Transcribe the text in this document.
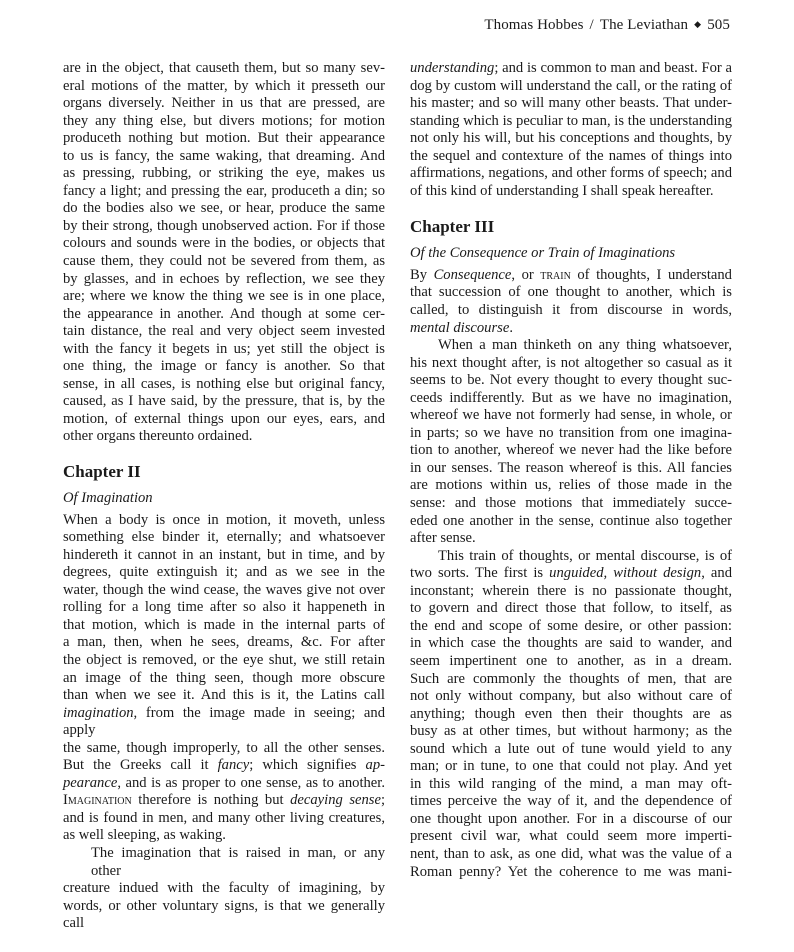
Thomas Hobbes / The Leviathan ◆ 505

are in the object, that causeth them, but so many sev-
eral motions of the matter, by which it presseth our
organs diversely. Neither in us that are pressed, are
they any thing else, but divers motions; for motion
produceth nothing but motion. But their appearance
to us is fancy, the same waking, that dreaming. And
as pressing, rubbing, or striking the eye, makes us
fancy a light; and pressing the ear, produceth a din; so
do the bodies also we see, or hear, produce the same
by their strong, though unobserved action. For if those
colours and sounds were in the bodies, or objects that
cause them, they could not be severed from them, as
by glasses, and in echoes by reflection, we see they
are; where we know the thing we see is in one place,
the appearance in another. And though at some cer-
tain distance, the real and very object seem invested
with the fancy it begets in us; yet still the object is
one thing, the image or fancy is another. So that
sense, in all cases, is nothing else but original fancy,
caused, as I have said, by the pressure, that is, by the
motion, of external things upon our eyes, ears, and
other organs thereunto ordained.

Chapter II
Of Imagination

When a body is once in motion, it moveth, unless
something else binder it, eternally; and whatsoever
hindereth it cannot in an instant, but in time, and by
degrees, quite extinguish it; and as we see in the
water, though the wind cease, the waves give not over
rolling for a long time after so also it happeneth in
that motion, which is made in the internal parts of
a man, then, when he sees, dreams, &c. For after
the object is removed, or the eye shut, we still retain
an image of the thing seen, though more obscure
than when we see it. And this is it, the Latins call
imagination, from the image made in seeing; and apply
the same, though improperly, to all the other senses.
But the Greeks call it fancy; which signifies ap-
pearance, and is as proper to one sense, as to another.
Imagination therefore is nothing but decaying sense;
and is found in men, and many other living creatures,
as well sleeping, as waking.

The imagination that is raised in man, or any other
creature indued with the faculty of imagining, by
words, or other voluntary signs, is that we generally call

understanding; and is common to man and beast. For a
dog by custom will understand the call, or the rating of
his master; and so will many other beasts. That under-
standing which is peculiar to man, is the understanding
not only his will, but his conceptions and thoughts, by
the sequel and contexture of the names of things into
affirmations, negations, and other forms of speech; and
of this kind of understanding I shall speak hereafter.

Chapter III
Of the Consequence or Train of Imaginations

By Consequence, or train of thoughts, I understand
that succession of one thought to another, which is
called, to distinguish it from discourse in words,
mental discourse.

When a man thinketh on any thing whatsoever,
his next thought after, is not altogether so casual as it
seems to be. Not every thought to every thought suc-
ceeds indifferently. But as we have no imagination,
whereof we have not formerly had sense, in whole, or
in parts; so we have no transition from one imagina-
tion to another, whereof we never had the like before
in our senses. The reason whereof is this. All fancies
are motions within us, relies of those made in the
sense: and those motions that immediately succe-
eded one another in the sense, continue also together
after sense.

This train of thoughts, or mental discourse, is of
two sorts. The first is unguided, without design, and
inconstant; wherein there is no passionate thought,
to govern and direct those that follow, to itself, as
the end and scope of some desire, or other passion:
in which case the thoughts are said to wander, and
seem impertinent one to another, as in a dream.
Such are commonly the thoughts of men, that are
not only without company, but also without care of
anything; though even then their thoughts are as
busy as at other times, but without harmony; as the
sound which a lute out of tune would yield to any
man; or in tune, to one that could not play. And yet
in this wild ranging of the mind, a man may oft-
times perceive the way of it, and the dependence of
one thought upon another. For in a discourse of our
present civil war, what could seem more imperti-
nent, than to ask, as one did, what was the value of a
Roman penny? Yet the coherence to me was mani-
